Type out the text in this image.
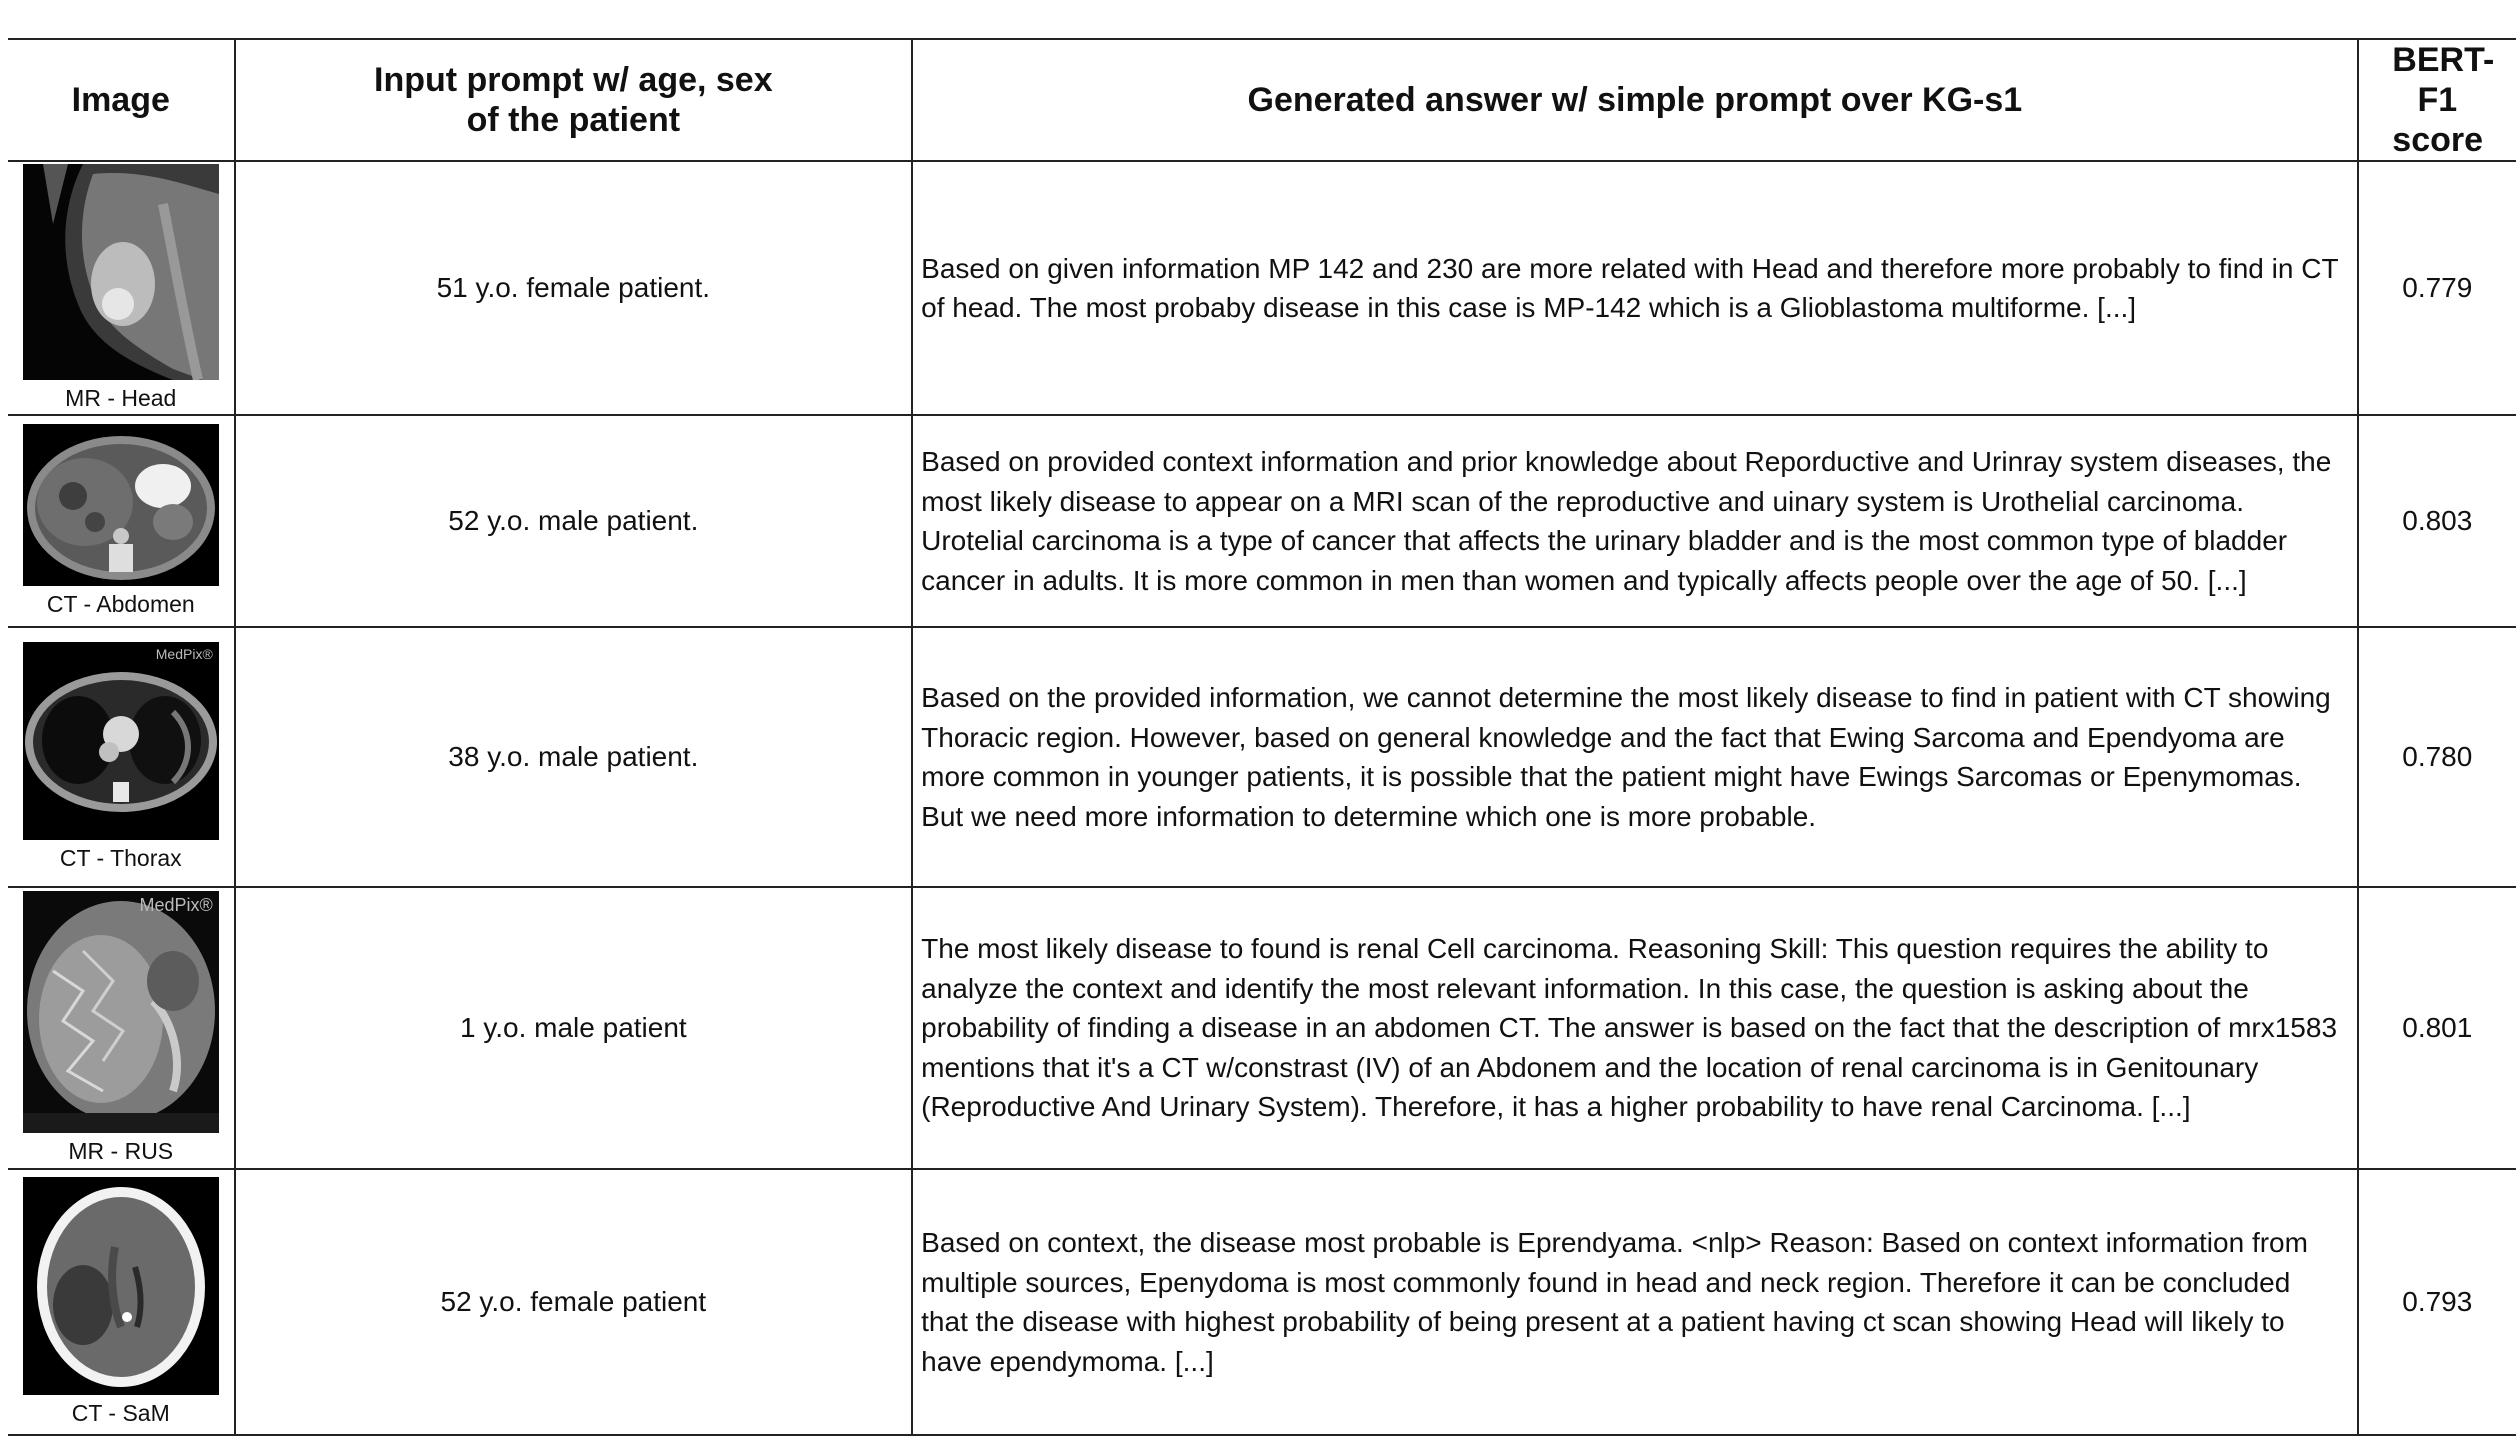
Image	Input prompt w/ age, sex of the patient	Generated answer w/ simple prompt over KG-s1	BERT-F1 score

MR - Head	51 y.o. female patient.	Based on given information MP 142 and 230 are more related with Head and therefore more probably to find in CT of head. The most probaby disease in this case is MP-142 which is a Glioblastoma multiforme. [...]	0.779

CT - Abdomen	52 y.o. male patient.	Based on provided context information and prior knowledge about Reporductive and Urinray system diseases, the most likely disease to appear on a MRI scan of the reproductive and uinary system is Urothelial carcinoma. Urotelial carcinoma is a type of cancer that affects the urinary bladder and is the most common type of bladder cancer in adults. It is more common in men than women and typically affects people over the age of 50. [...]	0.803

MedPix®
CT - Thorax	38 y.o. male patient.	Based on the provided information, we cannot determine the most likely disease to find in patient with CT showing Thoracic region. However, based on general knowledge and the fact that Ewing Sarcoma and Ependyoma are more common in younger patients, it is possible that the patient might have Ewings Sarcomas or Epenymomas. But we need more information to determine which one is more probable.	0.780

MedPix®
MR - RUS	1 y.o. male patient	The most likely disease to found is renal Cell carcinoma. Reasoning Skill: This question requires the ability to analyze the context and identify the most relevant information. In this case, the question is asking about the probability of finding a disease in an abdomen CT. The answer is based on the fact that the description of mrx1583 mentions that it's a CT w/constrast (IV) of an Abdonem and the location of renal carcinoma is in Genitounary (Reproductive And Urinary System). Therefore, it has a higher probability to have renal Carcinoma. [...]	0.801

CT - SaM	52 y.o. female patient	Based on context, the disease most probable is Eprendyama. <nlp> Reason: Based on context information from multiple sources, Epenydoma is most commonly found in head and neck region. Therefore it can be concluded that the disease with highest probability of being present at a patient having ct scan showing Head will likely to have ependymoma. [...]	0.793
